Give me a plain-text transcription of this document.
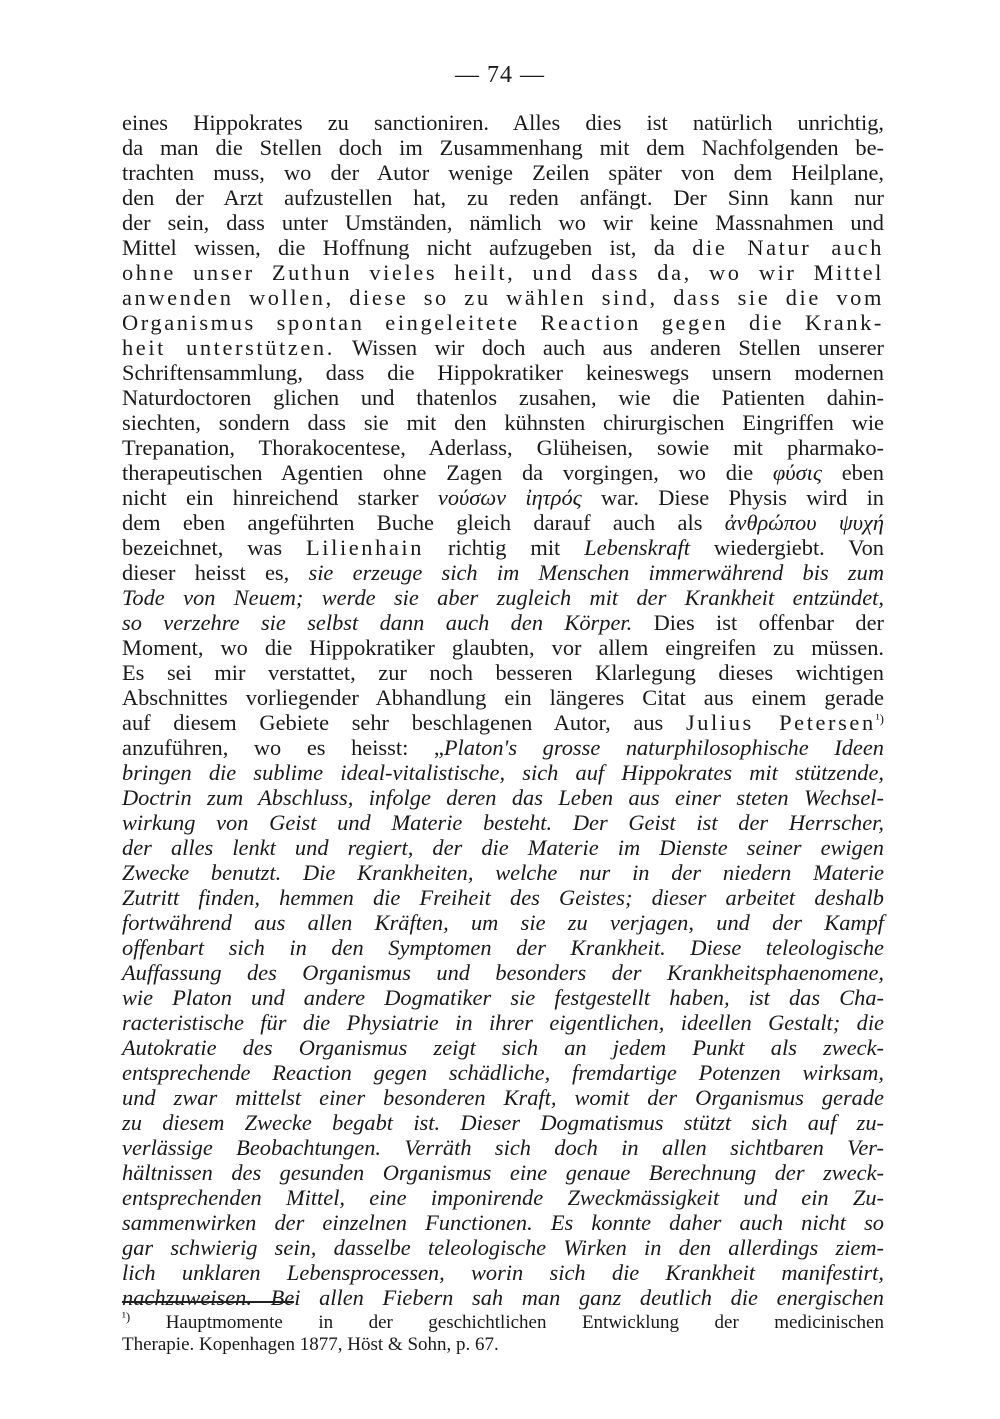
— 74 —
eines Hippokrates zu sanctioniren. Alles dies ist natürlich unrichtig,
da man die Stellen doch im Zusammenhang mit dem Nachfolgenden be-
trachten muss, wo der Autor wenige Zeilen später von dem Heilplane,
den der Arzt aufzustellen hat, zu reden anfängt. Der Sinn kann nur
der sein, dass unter Umständen, nämlich wo wir keine Massnahmen und
Mittel wissen, die Hoffnung nicht aufzugeben ist, da die Natur auch
ohne unser Zuthun vieles heilt, und dass da, wo wir Mittel
anwenden wollen, diese so zu wählen sind, dass sie die vom
Organismus spontan eingeleitete Reaction gegen die Krank-
heit unterstützen. Wissen wir doch auch aus anderen Stellen unserer
Schriftensammlung, dass die Hippokratiker keineswegs unsern modernen
Naturdoctoren glichen und thatenlos zusahen, wie die Patienten dahin-
siechten, sondern dass sie mit den kühnsten chirurgischen Eingriffen wie
Trepanation, Thorakocentese, Aderlass, Glüheisen, sowie mit pharmako-
therapeutischen Agentien ohne Zagen da vorgingen, wo die φύσις eben
nicht ein hinreichend starker νούσων ἰητρός war. Diese Physis wird in
dem eben angeführten Buche gleich darauf auch als ἀνθρώπου ψυχή
bezeichnet, was Lilienhain richtig mit Lebenskraft wiedergiebt. Von
dieser heisst es, sie erzeuge sich im Menschen immerwährend bis zum
Tode von Neuem; werde sie aber zugleich mit der Krankheit entzündet,
so verzehre sie selbst dann auch den Körper. Dies ist offenbar der
Moment, wo die Hippokratiker glaubten, vor allem eingreifen zu müssen.
Es sei mir verstattet, zur noch besseren Klarlegung dieses wichtigen
Abschnittes vorliegender Abhandlung ein längeres Citat aus einem gerade
auf diesem Gebiete sehr beschlagenen Autor, aus Julius Petersen$^{^1)}$
anzuführen, wo es heisst: „Platon's grosse naturphilosophische Ideen
bringen die sublime ideal-vitalistische, sich auf Hippokrates mit stützende,
Doctrin zum Abschluss, infolge deren das Leben aus einer steten Wechsel-
wirkung von Geist und Materie besteht. Der Geist ist der Herrscher,
der alles lenkt und regiert, der die Materie im Dienste seiner ewigen
Zwecke benutzt. Die Krankheiten, welche nur in der niedern Materie
Zutritt finden, hemmen die Freiheit des Geistes; dieser arbeitet deshalb
fortwährend aus allen Kräften, um sie zu verjagen, und der Kampf
offenbart sich in den Symptomen der Krankheit. Diese teleologische
Auffassung des Organismus und besonders der Krankheitsphaenomene,
wie Platon und andere Dogmatiker sie festgestellt haben, ist das Cha-
racteristische für die Physiatrie in ihrer eigentlichen, ideellen Gestalt; die
Autokratie des Organismus zeigt sich an jedem Punkt als zweck-
entsprechende Reaction gegen schädliche, fremdartige Potenzen wirksam,
und zwar mittelst einer besonderen Kraft, womit der Organismus gerade
zu diesem Zwecke begabt ist. Dieser Dogmatismus stützt sich auf zu-
verlässige Beobachtungen. Verräth sich doch in allen sichtbaren Ver-
hältnissen des gesunden Organismus eine genaue Berechnung der zweck-
entsprechenden Mittel, eine imponirende Zweckmässigkeit und ein Zu-
sammenwirken der einzelnen Functionen. Es konnte daher auch nicht so
gar schwierig sein, dasselbe teleologische Wirken in den allerdings ziem-
lich unklaren Lebensprocessen, worin sich die Krankheit manifestirt,
nachzuweisen. Bei allen Fiebern sah man ganz deutlich die energischen
$^{^1)}$ Hauptmomente in der geschichtlichen Entwicklung der medicinischen
Therapie. Kopenhagen 1877, Höst & Sohn, p. 67.
